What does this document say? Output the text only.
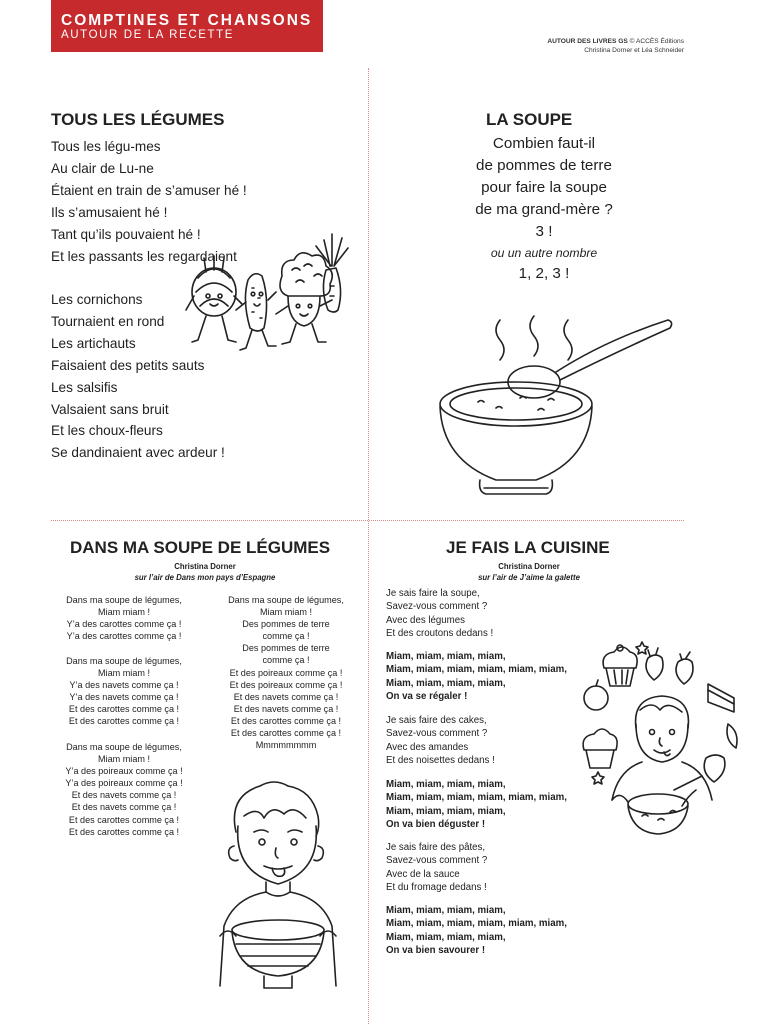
COMPTINES ET CHANSONS
AUTOUR DE LA RECETTE
AUTOUR DES LIVRES GS © ACCÈS Éditions
Christina Dorner et Léa Schneider
TOUS LES LÉGUMES
Tous les légu-mes
Au clair de Lu-ne
Étaient en train de s’amuser hé !
Ils s’amusaient hé !
Tant qu’ils pouvaient hé !
Et les passants les regardaient
Les cornichons
Tournaient en rond
Les artichauts
Faisaient des petits sauts
Les salsifis
Valsaient sans bruit
Et les choux-fleurs
Se dandinaient avec ardeur !
LA SOUPE
Combien faut-il
de pommes de terre
pour faire la soupe
de ma grand-mère ?
3 !
ou un autre nombre
1, 2, 3 !
DANS MA SOUPE DE LÉGUMES
Christina Dorner
sur l’air de Dans mon pays d’Espagne
Dans ma soupe de légumes,
Miam miam !
Y’a des carottes comme ça !
Y’a des carottes comme ça !
Dans ma soupe de légumes,
Miam miam !
Y’a des navets comme ça !
Y’a des navets comme ça !
Et des carottes comme ça !
Et des carottes comme ça !
Dans ma soupe de légumes,
Miam miam !
Y’a des poireaux comme ça !
Y’a des poireaux comme ça !
Et des navets comme ça !
Et des navets comme ça !
Et des carottes comme ça !
Et des carottes comme ça !
Dans ma soupe de légumes,
Miam miam !
Des pommes de terre
comme ça !
Des pommes de terre
comme ça !
Et des poireaux comme ça !
Et des poireaux comme ça !
Et des navets comme ça !
Et des navets comme ça !
Et des carottes comme ça !
Et des carottes comme ça !
Mmmmmmmm
JE FAIS LA CUISINE
Christina Dorner
sur l’air de J’aime la galette
Je sais faire la soupe,
Savez-vous comment ?
Avec des légumes
Et des croutons dedans !
Miam, miam, miam, miam,
Miam, miam, miam, miam, miam, miam,
Miam, miam, miam, miam,
On va se régaler !
Je sais faire des cakes,
Savez-vous comment ?
Avec des amandes
Et des noisettes dedans !
Miam, miam, miam, miam,
Miam, miam, miam, miam, miam, miam,
Miam, miam, miam, miam,
On va bien déguster !
Je sais faire des pâtes,
Savez-vous comment ?
Avec de la sauce
Et du fromage dedans !
Miam, miam, miam, miam,
Miam, miam, miam, miam, miam, miam,
Miam, miam, miam, miam,
On va bien savourer !
